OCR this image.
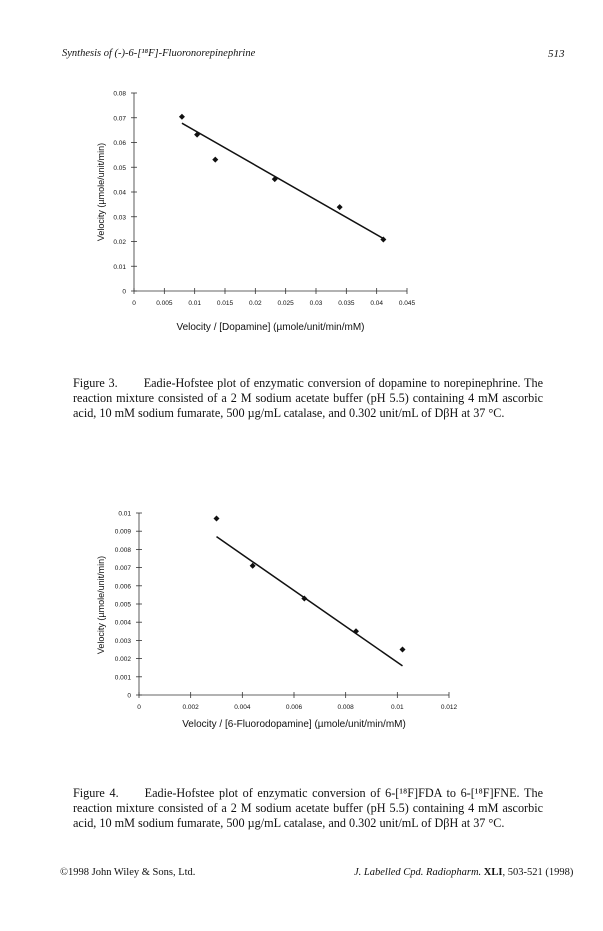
Synthesis of (-)-6-[¹⁸F]-Fluoronorepinephrine	513
0
0.01
0.02
0.03
0.04
0.05
0.06
0.07
0.08
0	0.005 0.01 0.015 0.02 0.025 0.03 0.035 0.04 0.045
Velocity / [Dopamine] (µmole/unit/min/mM)
Velocity (µmole/unit/min)
Figure 3. Eadie-Hofstee plot of enzymatic conversion of dopamine to norepinephrine. The reaction mixture consisted of a 2 M sodium acetate buffer (pH 5.5) containing 4 mM ascorbic acid, 10 mM sodium fumarate, 500 µg/mL catalase, and 0.302 unit/mL of DβH at 37 °C.
0
0.001
0.002
0.003
0.004
0.005
0.006
0.007
0.008
0.009
0.01
0	0.002	0.004	0.006	0.008	0.01	0.012
Velocity / [6-Fluorodopamine] (µmole/unit/min/mM)
Velocity (µmole/unit/min)
Figure 4. Eadie-Hofstee plot of enzymatic conversion of 6-[¹⁸F]FDA to 6-[¹⁸F]FNE. The reaction mixture consisted of a 2 M sodium acetate buffer (pH 5.5) containing 4 mM ascorbic acid, 10 mM sodium fumarate, 500 µg/mL catalase, and 0.302 unit/mL of DβH at 37 °C.
©1998 John Wiley & Sons, Ltd.	J. Labelled Cpd. Radiopharm. XLI, 503-521 (1998)
